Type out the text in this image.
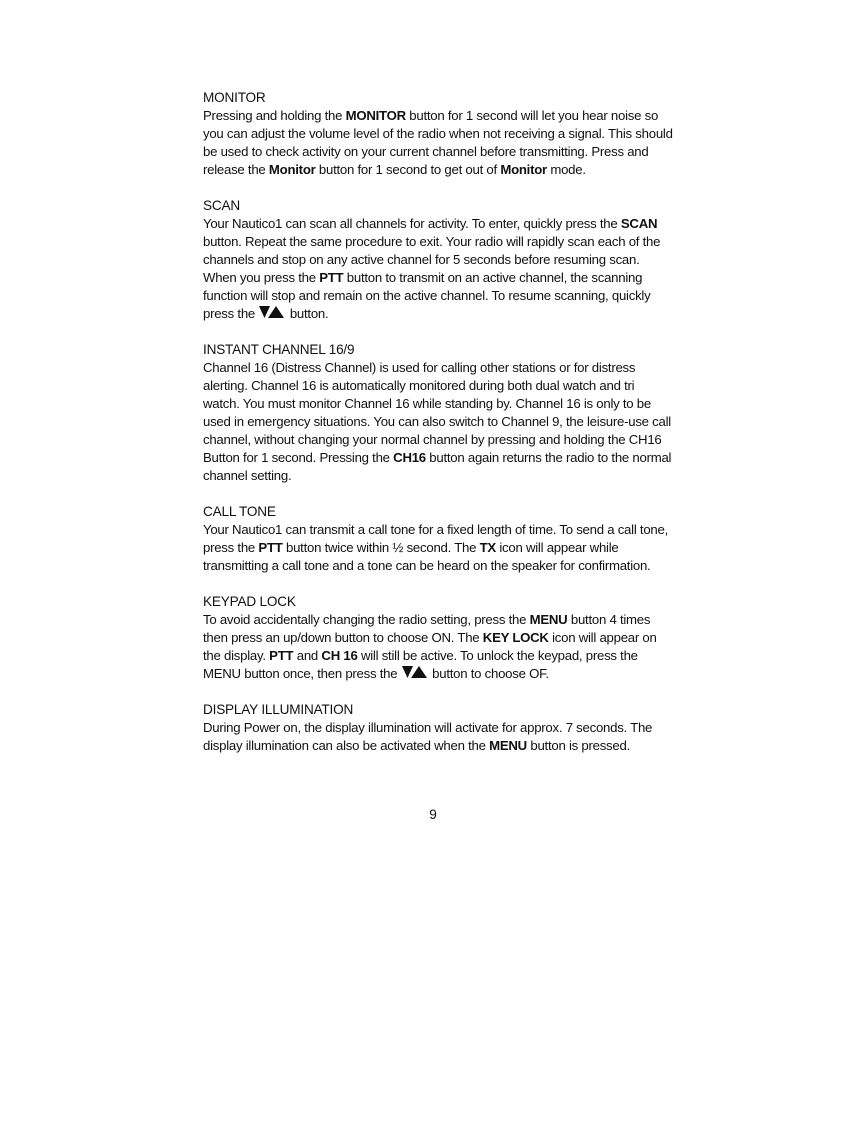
MONITOR
Pressing and holding the MONITOR button for 1 second will let you hear noise so you can adjust the volume level of the radio when not receiving a signal. This should be used to check activity on your current channel before transmitting. Press and release the Monitor button for 1 second to get out of Monitor mode.
SCAN
Your Nautico1 can scan all channels for activity. To enter, quickly press the SCAN button. Repeat the same procedure to exit. Your radio will rapidly scan each of the channels and stop on any active channel for 5 seconds before resuming scan. When you press the PTT button to transmit on an active channel, the scanning function will stop and remain on the active channel. To resume scanning, quickly press the
button.
INSTANT CHANNEL 16/9
Channel 16 (Distress Channel) is used for calling other stations or for distress alerting. Channel 16 is automatically monitored during both dual watch and tri watch. You must monitor Channel 16 while standing by. Channel 16 is only to be used in emergency situations. You can also switch to Channel 9, the leisure-use call channel, without changing your normal channel by pressing and holding the CH16 Button for 1 second. Pressing the CH16 button again returns the radio to the normal channel setting.
CALL TONE
Your Nautico1 can transmit a call tone for a fixed length of time. To send a call tone, press the PTT button twice within ½ second. The TX icon will appear while transmitting a call tone and a tone can be heard on the speaker for confirmation.
KEYPAD LOCK
To avoid accidentally changing the radio setting, press the MENU button 4 times then press an up/down button to choose ON. The KEY LOCK icon will appear on the display. PTT and CH 16 will still be active. To unlock the keypad, press the MENU button once, then press the
button to choose OF.
DISPLAY ILLUMINATION
During Power on, the display illumination will activate for approx. 7 seconds. The display illumination can also be activated when the MENU button is pressed.
9
